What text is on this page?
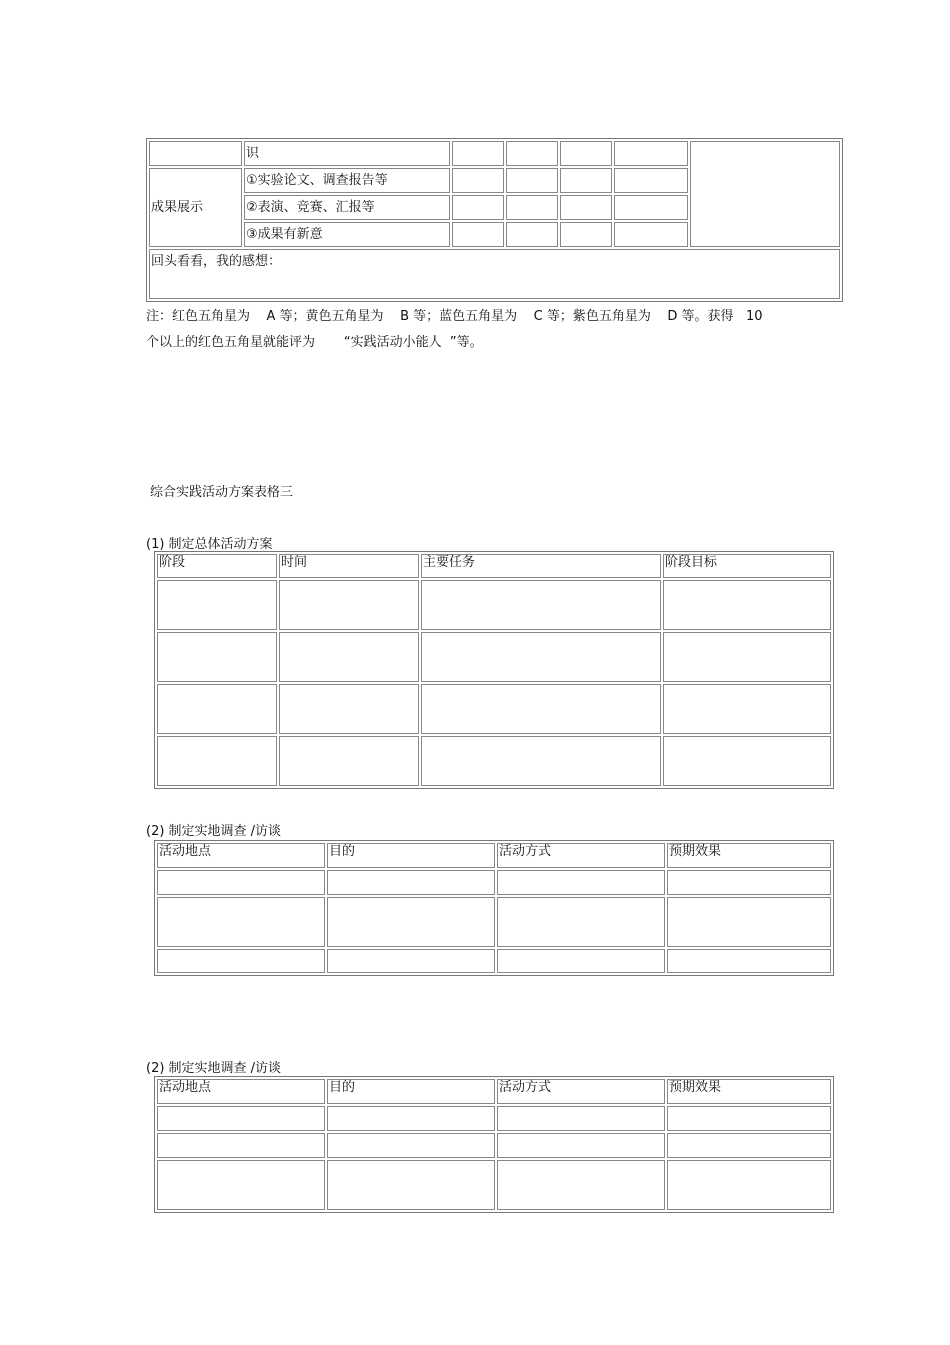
	识					
成果展示	①实验论文、调查报告等					
	②表演、竞赛、汇报等					
	③成果有新意					
回头看看，我的感想：						

注：红色五角星为    A 等；黄色五角星为    B 等；蓝色五角星为    C 等；紫色五角星为    D 等。获得   10

个以上的红色五角星就能评为       “实践活动小能人  ”等。

综合实践活动方案表格三
(1) 制定总体活动方案
阶段	时间	主要任务	阶段目标

(2) 制定实地调查 /访谈
活动地点	目的	活动方式	预期效果

(2) 制定实地调查 /访谈
活动地点	目的	活动方式	预期效果
